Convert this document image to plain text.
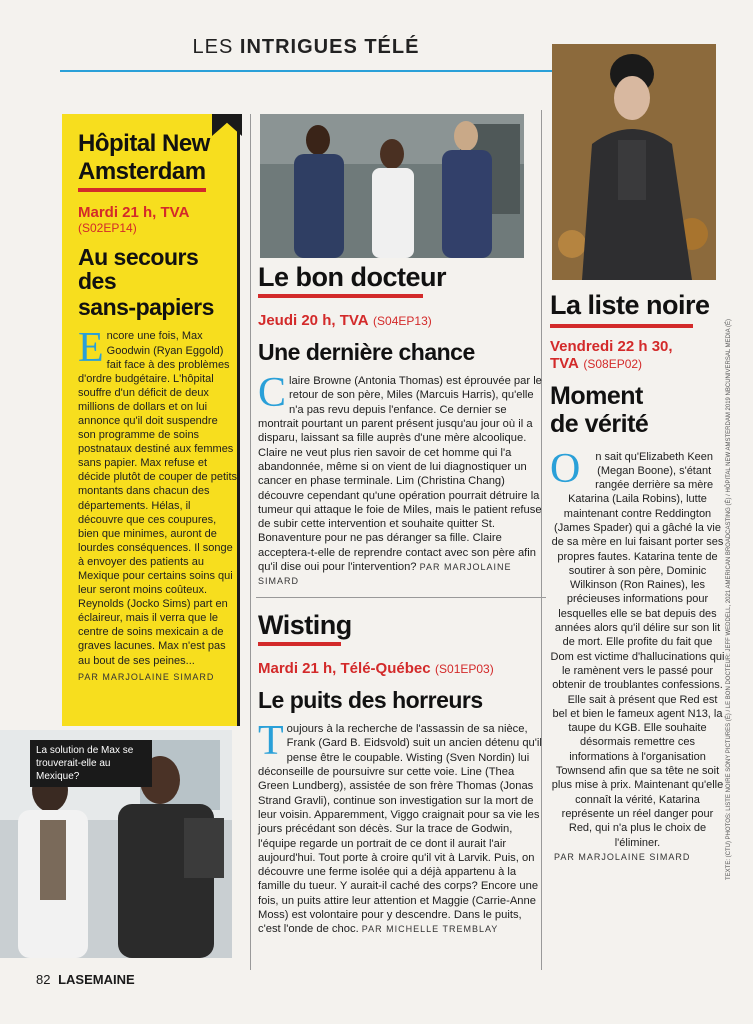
LES INTRIGUES TÉLÉ
Hôpital New
Amsterdam
Mardi 21 h, TVA
(S02EP14)
Au secours des
sans-papiers
Encore une fois, Max Goodwin (Ryan Eggold) fait face à des problèmes d'ordre budgétaire. L'hôpital souffre d'un déficit de deux millions de dollars et on lui annonce qu'il doit suspendre son programme de soins postnataux destiné aux femmes sans papier. Max refuse et décide plutôt de couper de petits montants dans chacun des départements. Hélas, il découvre que ces coupures, bien que minimes, auront de lourdes conséquences. Il songe à envoyer des patients au Mexique pour certains soins qui leur seront moins coûteux. Reynolds (Jocko Sims) part en éclaireur, mais il verra que le centre de soins mexicain a de graves lacunes. Max n'est pas au bout de ses peines...
PAR MARJOLAINE SIMARD
La solution de Max se trouverait-elle au Mexique?
Le bon docteur
Jeudi 20 h, TVA (S04EP13)
Une dernière chance
Claire Browne (Antonia Thomas) est éprouvée par le retour de son père, Miles (Marcuis Harris), qu'elle n'a pas revu depuis l'enfance. Ce dernier se montrait pourtant un parent présent jusqu'au jour où il a disparu, laissant sa fille auprès d'une mère alcoolique. Claire ne veut plus rien savoir de cet homme qui l'a abandonnée, même si on vient de lui diagnostiquer un cancer en phase terminale. Lim (Christina Chang) découvre cependant qu'une opération pourrait détruire la tumeur qui attaque le foie de Miles, mais le patient refuse de subir cette intervention et souhaite quitter St. Bonaventure pour ne pas déranger sa fille. Claire acceptera-t-elle de reprendre contact avec son père afin qu'il dise oui pour l'intervention? PAR MARJOLAINE SIMARD
Wisting
Mardi 21 h, Télé-Québec (S01EP03)
Le puits des horreurs
Toujours à la recherche de l'assassin de sa nièce, Frank (Gard B. Eidsvold) suit un ancien détenu qu'il pense être le coupable. Wisting (Sven Nordin) lui déconseille de poursuivre sur cette voie. Line (Thea Green Lundberg), assistée de son frère Thomas (Jonas Strand Gravli), continue son investigation sur la mort de leur voisin. Apparemment, Viggo craignait pour sa vie les jours précédant son décès. Sur la trace de Godwin, l'équipe regarde un portrait de ce dont il aurait l'air aujourd'hui. Tout porte à croire qu'il vit à Larvik. Puis, on découvre une ferme isolée qui a déjà appartenu à la famille du tueur. Y aurait-il caché des corps? Encore une fois, un puits attire leur attention et Maggie (Carrie-Anne Moss) est volontaire pour y descendre. Dans le puits, c'est l'onde de choc. PAR MICHELLE TREMBLAY
La liste noire
Vendredi 22 h 30,
TVA (S08EP02)
Moment
de vérité
O n sait qu'Elizabeth Keen (Megan Boone), s'étant rangée derrière sa mère Katarina (Laila Robins), lutte maintenant contre Reddington (James Spader) qui a gâché la vie de sa mère en lui faisant porter ses propres fautes. Katarina tente de soutirer à son père, Dominic Wilkinson (Ron Raines), les précieuses informations pour lesquelles elle se bat depuis des années alors qu'il délire sur son lit de mort. Elle profite du fait que Dom est victime d'hallucinations qui le ramènent vers le passé pour obtenir de troublantes confessions.
Elle sait à présent que Red est bel et bien le fameux agent N13, la taupe du KGB. Elle souhaite désormais remettre ces informations à l'organisation Townsend afin que sa tête ne soit plus mise à prix. Maintenant qu'elle connaît la vérité, Katarina représente un réel danger pour Red, qui n'a plus le choix de l'éliminer.
PAR MARJOLAINE SIMARD	TEXTE: (CTU) PHOTOS: LISTE NOIRE SONY PICTURES (É) / LE BON DOCTEUR: JEFF WEDDELL, 2021 AMERICAN BROADCASTING (É) / HÔPITAL NEW AMSTERDAM 2019 NBCUNIVERSAL MEDIA (É)
82 LASEMAINE
